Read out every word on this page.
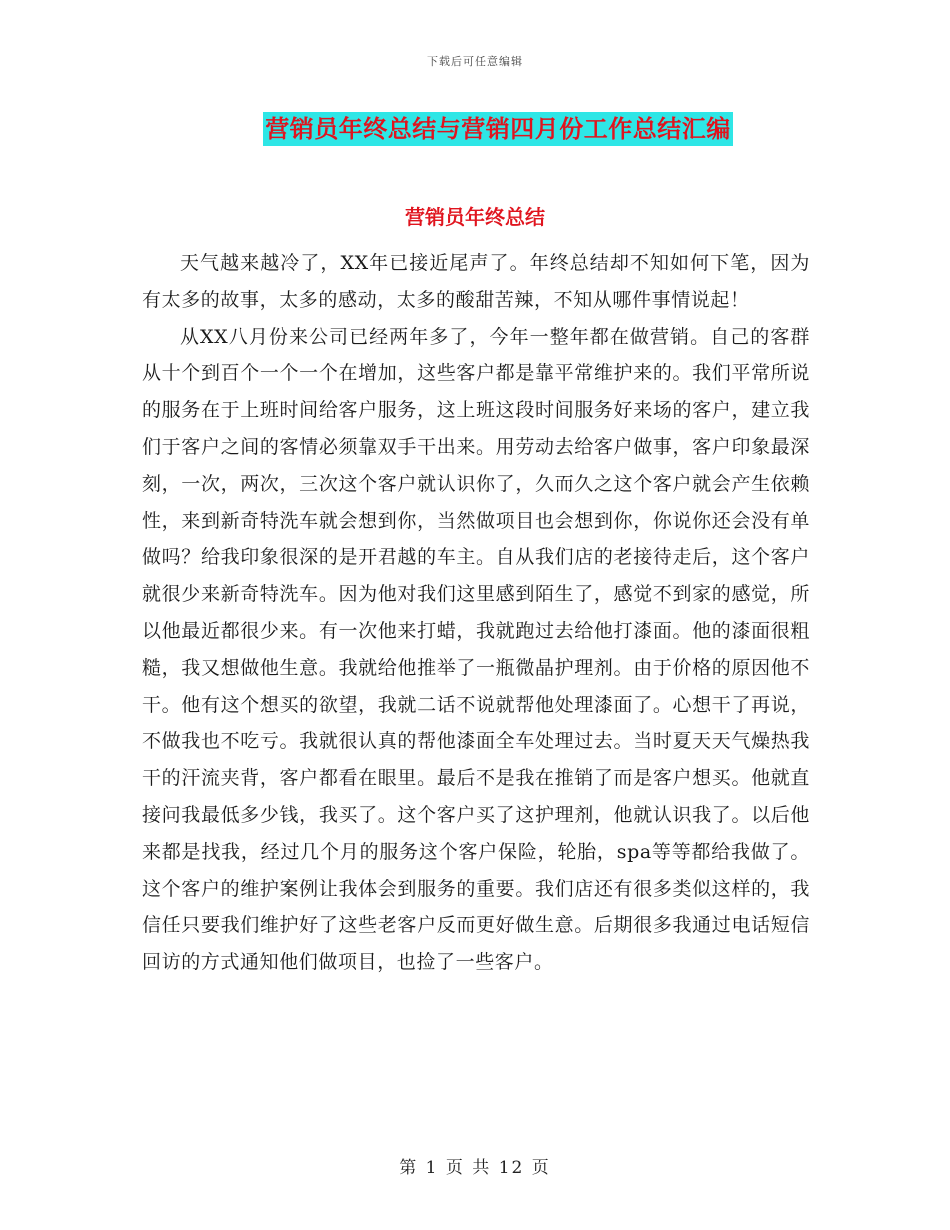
下载后可任意编辑
营销员年终总结与营销四月份工作总结汇编
营销员年终总结

天气越来越冷了，XX年已接近尾声了。年终总结却不知如何下笔，因为有太多的故事，太多的感动，太多的酸甜苦辣，不知从哪件事情说起！

从XX八月份来公司已经两年多了，今年一整年都在做营销。自己的客群从十个到百个一个一个在增加，这些客户都是靠平常维护来的。我们平常所说的服务在于上班时间给客户服务，这上班这段时间服务好来场的客户，建立我们于客户之间的客情必须靠双手干出来。用劳动去给客户做事，客户印象最深刻，一次，两次，三次这个客户就认识你了，久而久之这个客户就会产生依赖性，来到新奇特洗车就会想到你，当然做项目也会想到你，你说你还会没有单做吗？给我印象很深的是开君越的车主。自从我们店的老接待走后，这个客户就很少来新奇特洗车。因为他对我们这里感到陌生了，感觉不到家的感觉，所以他最近都很少来。有一次他来打蜡，我就跑过去给他打漆面。他的漆面很粗糙，我又想做他生意。我就给他推举了一瓶微晶护理剂。由于价格的原因他不干。他有这个想买的欲望，我就二话不说就帮他处理漆面了。心想干了再说，不做我也不吃亏。我就很认真的帮他漆面全车处理过去。当时夏天天气燥热我干的汗流夹背，客户都看在眼里。最后不是我在推销了而是客户想买。他就直接问我最低多少钱，我买了。这个客户买了这护理剂，他就认识我了。以后他来都是找我，经过几个月的服务这个客户保险，轮胎，spa等等都给我做了。这个客户的维护案例让我体会到服务的重要。我们店还有很多类似这样的，我信任只要我们维护好了这些老客户反而更好做生意。后期很多我通过电话短信回访的方式通知他们做项目，也捡了一些客户。

第 1 页 共 12 页
